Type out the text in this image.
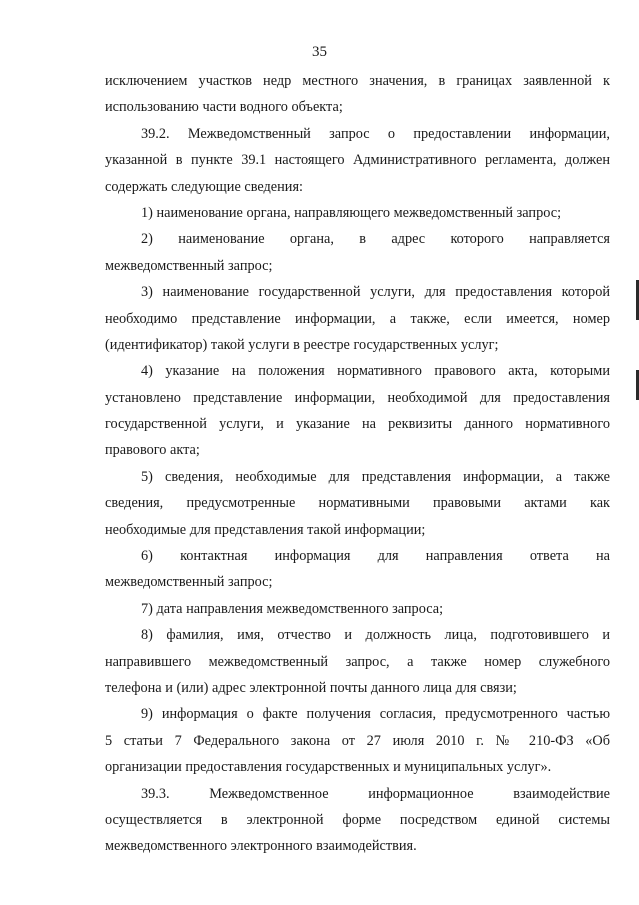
35
исключением участков недр местного значения, в границах заявленной к
использованию части водного объекта;
39.2. Межведомственный запрос о предоставлении информации,
указанной в пункте 39.1 настоящего Административного регламента, должен
содержать следующие сведения:
1) наименование органа, направляющего межведомственный запрос;
2) наименование органа, в адрес которого направляется
межведомственный запрос;
3) наименование государственной услуги, для предоставления которой
необходимо представление информации, а также, если имеется, номер
(идентификатор) такой услуги в реестре государственных услуг;
4) указание на положения нормативного правового акта, которыми
установлено представление информации, необходимой для предоставления
государственной услуги, и указание на реквизиты данного нормативного
правового акта;
5) сведения, необходимые для представления информации, а также
сведения, предусмотренные нормативными правовыми актами как
необходимые для представления такой информации;
6) контактная информация для направления ответа на
межведомственный запрос;
7) дата направления межведомственного запроса;
8) фамилия, имя, отчество и должность лица, подготовившего и
направившего межведомственный запрос, а также номер служебного
телефона и (или) адрес электронной почты данного лица для связи;
9) информация о факте получения согласия, предусмотренного частью
5 статьи 7 Федерального закона от 27 июля 2010 г. № 210-ФЗ «Об
организации предоставления государственных и муниципальных услуг».
39.3. Межведомственное информационное взаимодействие
осуществляется в электронной форме посредством единой системы
межведомственного электронного взаимодействия.
